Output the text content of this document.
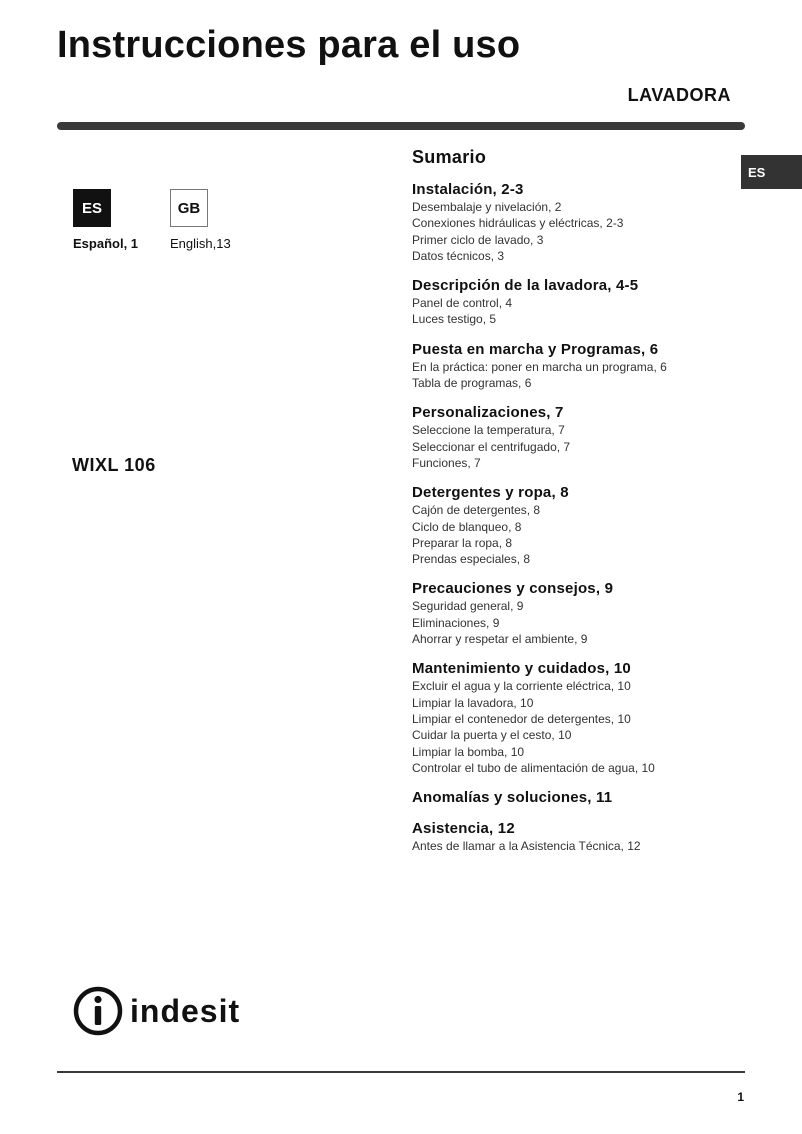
Instrucciones para el uso
LAVADORA
ES
ES
Español, 1
GB
English,13
WIXL 106
Sumario
Instalación, 2-3
Desembalaje y nivelación, 2
Conexiones hidráulicas y eléctricas, 2-3
Primer ciclo de lavado, 3
Datos técnicos, 3
Descripción de la lavadora, 4-5
Panel de control, 4
Luces testigo, 5
Puesta en marcha y Programas, 6
En la práctica: poner en marcha un programa, 6
Tabla de programas, 6
Personalizaciones, 7
Seleccione la temperatura, 7
Seleccionar el centrifugado, 7
Funciones, 7
Detergentes y ropa, 8
Cajón de detergentes, 8
Ciclo de blanqueo, 8
Preparar la ropa, 8
Prendas especiales, 8
Precauciones y consejos, 9
Seguridad general, 9
Eliminaciones, 9
Ahorrar y respetar el ambiente, 9
Mantenimiento y cuidados, 10
Excluir el agua y la corriente eléctrica, 10
Limpiar la lavadora, 10
Limpiar el contenedor de detergentes, 10
Cuidar la puerta y el cesto, 10
Limpiar la bomba, 10
Controlar el tubo de alimentación de agua, 10
Anomalías y soluciones, 11
Asistencia, 12
Antes de llamar a la Asistencia Técnica, 12
indesit
1
